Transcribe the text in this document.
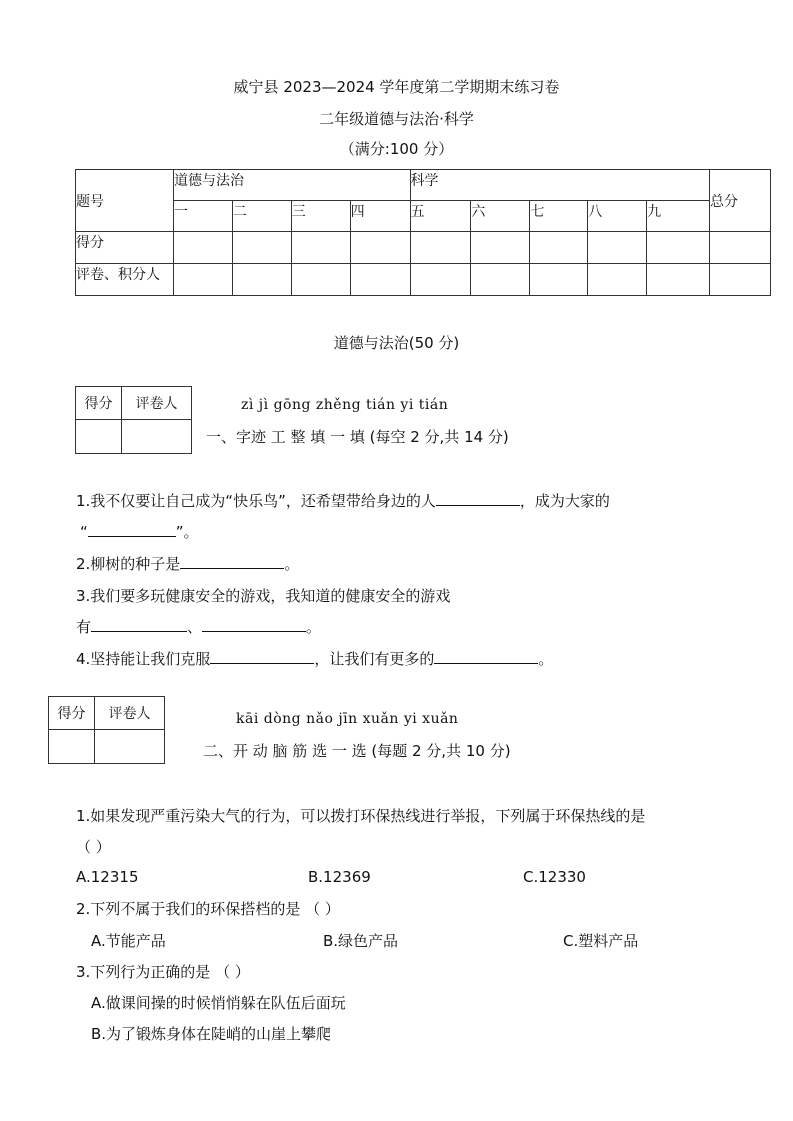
威宁县 2023—2024 学年度第二学期期末练习卷
二年级道德与法治·科学
（满分:100 分）
题号	道德与法治				科学					总分
	一	二	三	四	五	六	七	八	九	
得分										
评卷、积分人										
道德与法治(50 分)
得分	评卷人
		zì jì gōng zhěng tián yi tián
一、字迹 工 整 填 一 填 (每空 2 分,共 14 分)
1.我不仅要让自己成为“快乐鸟”，还希望带给身边的人	，成为大家的
“	”。
2.柳树的种子是	。
3.我们要多玩健康安全的游戏，我知道的健康安全的游戏
有	、	。
4.坚持能让我们克服	，让我们有更多的	。
得分	评卷人
		kāi dòng nǎo jīn xuǎn yi xuǎn
二、开 动 脑 筋 选 一 选 (每题 2 分,共 10 分)
1.如果发现严重污染大气的行为，可以拨打环保热线进行举报，下列属于环保热线的是
（ ）
A.12315	B.12369	C.12330
2.下列不属于我们的环保搭档的是 （ ）
A.节能产品	B.绿色产品	C.塑料产品
3.下列行为正确的是 （ ）
A.做课间操的时候悄悄躲在队伍后面玩
B.为了锻炼身体在陡峭的山崖上攀爬
